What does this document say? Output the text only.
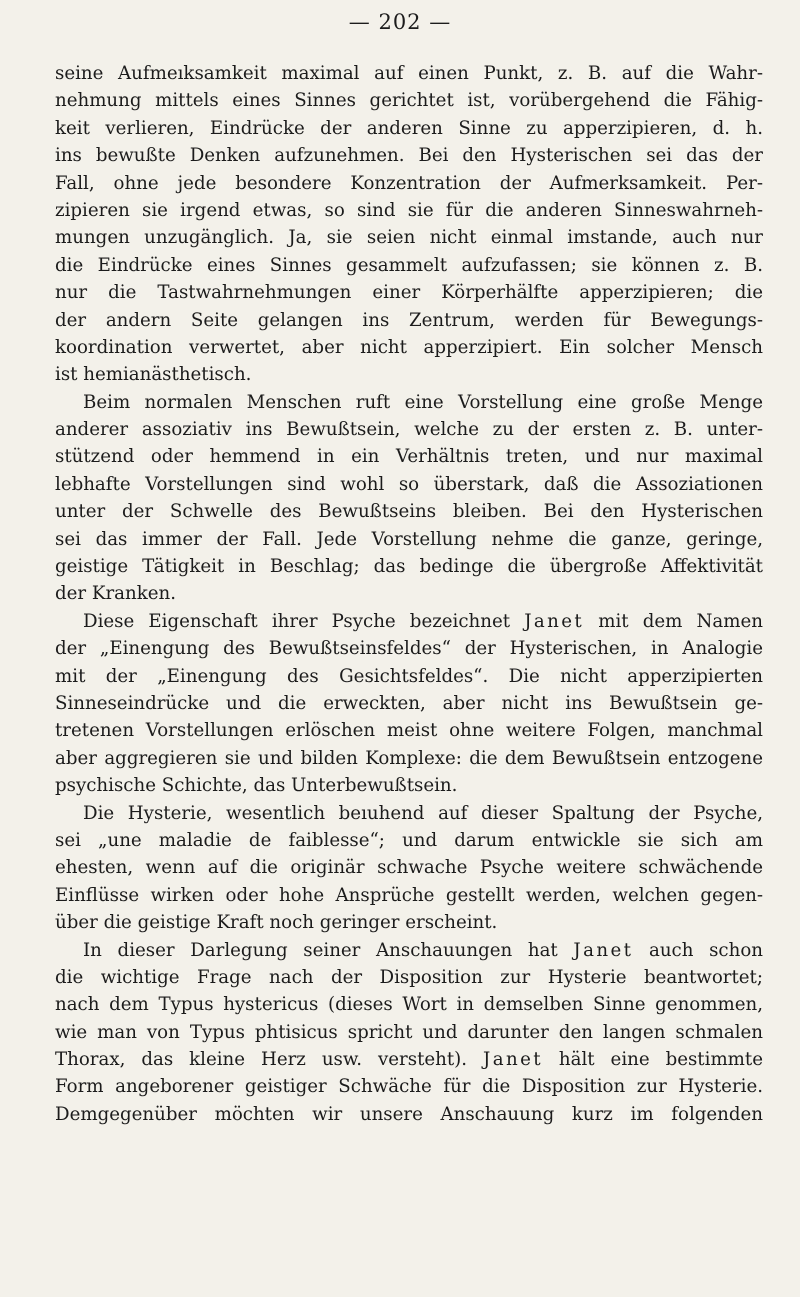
— 202 —
seine Aufmeıksamkeit maximal auf einen Punkt, z. B. auf die Wahr-
nehmung mittels eines Sinnes gerichtet ist, vorübergehend die Fähig-
keit verlieren, Eindrücke der anderen Sinne zu apperzipieren, d. h.
ins bewußte Denken aufzunehmen. Bei den Hysterischen sei das der
Fall, ohne jede besondere Konzentration der Aufmerksamkeit. Per-
zipieren sie irgend etwas, so sind sie für die anderen Sinneswahrneh-
mungen unzugänglich. Ja, sie seien nicht einmal imstande, auch nur
die Eindrücke eines Sinnes gesammelt aufzufassen; sie können z. B.
nur die Tastwahrnehmungen einer Körperhälfte apperzipieren; die
der andern Seite gelangen ins Zentrum, werden für Bewegungs-
koordination verwertet, aber nicht apperzipiert. Ein solcher Mensch
ist hemianästhetisch.
Beim normalen Menschen ruft eine Vorstellung eine große Menge
anderer assoziativ ins Bewußtsein, welche zu der ersten z. B. unter-
stützend oder hemmend in ein Verhältnis treten, und nur maximal
lebhafte Vorstellungen sind wohl so überstark, daß die Assoziationen
unter der Schwelle des Bewußtseins bleiben. Bei den Hysterischen
sei das immer der Fall. Jede Vorstellung nehme die ganze, geringe,
geistige Tätigkeit in Beschlag; das bedinge die übergroße Affektivität
der Kranken.
Diese Eigenschaft ihrer Psyche bezeichnet Janet mit dem Namen
der „Einengung des Bewußtseinsfeldes“ der Hysterischen, in Analogie
mit der „Einengung des Gesichtsfeldes“. Die nicht apperzipierten
Sinneseindrücke und die erweckten, aber nicht ins Bewußtsein ge-
tretenen Vorstellungen erlöschen meist ohne weitere Folgen, manchmal
aber aggregieren sie und bilden Komplexe: die dem Bewußtsein entzogene
psychische Schichte, das Unterbewußtsein.
Die Hysterie, wesentlich beıuhend auf dieser Spaltung der Psyche,
sei „une maladie de faiblesse“; und darum entwickle sie sich am
ehesten, wenn auf die originär schwache Psyche weitere schwächende
Einflüsse wirken oder hohe Ansprüche gestellt werden, welchen gegen-
über die geistige Kraft noch geringer erscheint.
In dieser Darlegung seiner Anschauungen hat Janet auch schon
die wichtige Frage nach der Disposition zur Hysterie beantwortet;
nach dem Typus hystericus (dieses Wort in demselben Sinne genommen,
wie man von Typus phtisicus spricht und darunter den langen schmalen
Thorax, das kleine Herz usw. versteht). Janet hält eine bestimmte
Form angeborener geistiger Schwäche für die Disposition zur Hysterie.
Demgegenüber möchten wir unsere Anschauung kurz im folgenden
